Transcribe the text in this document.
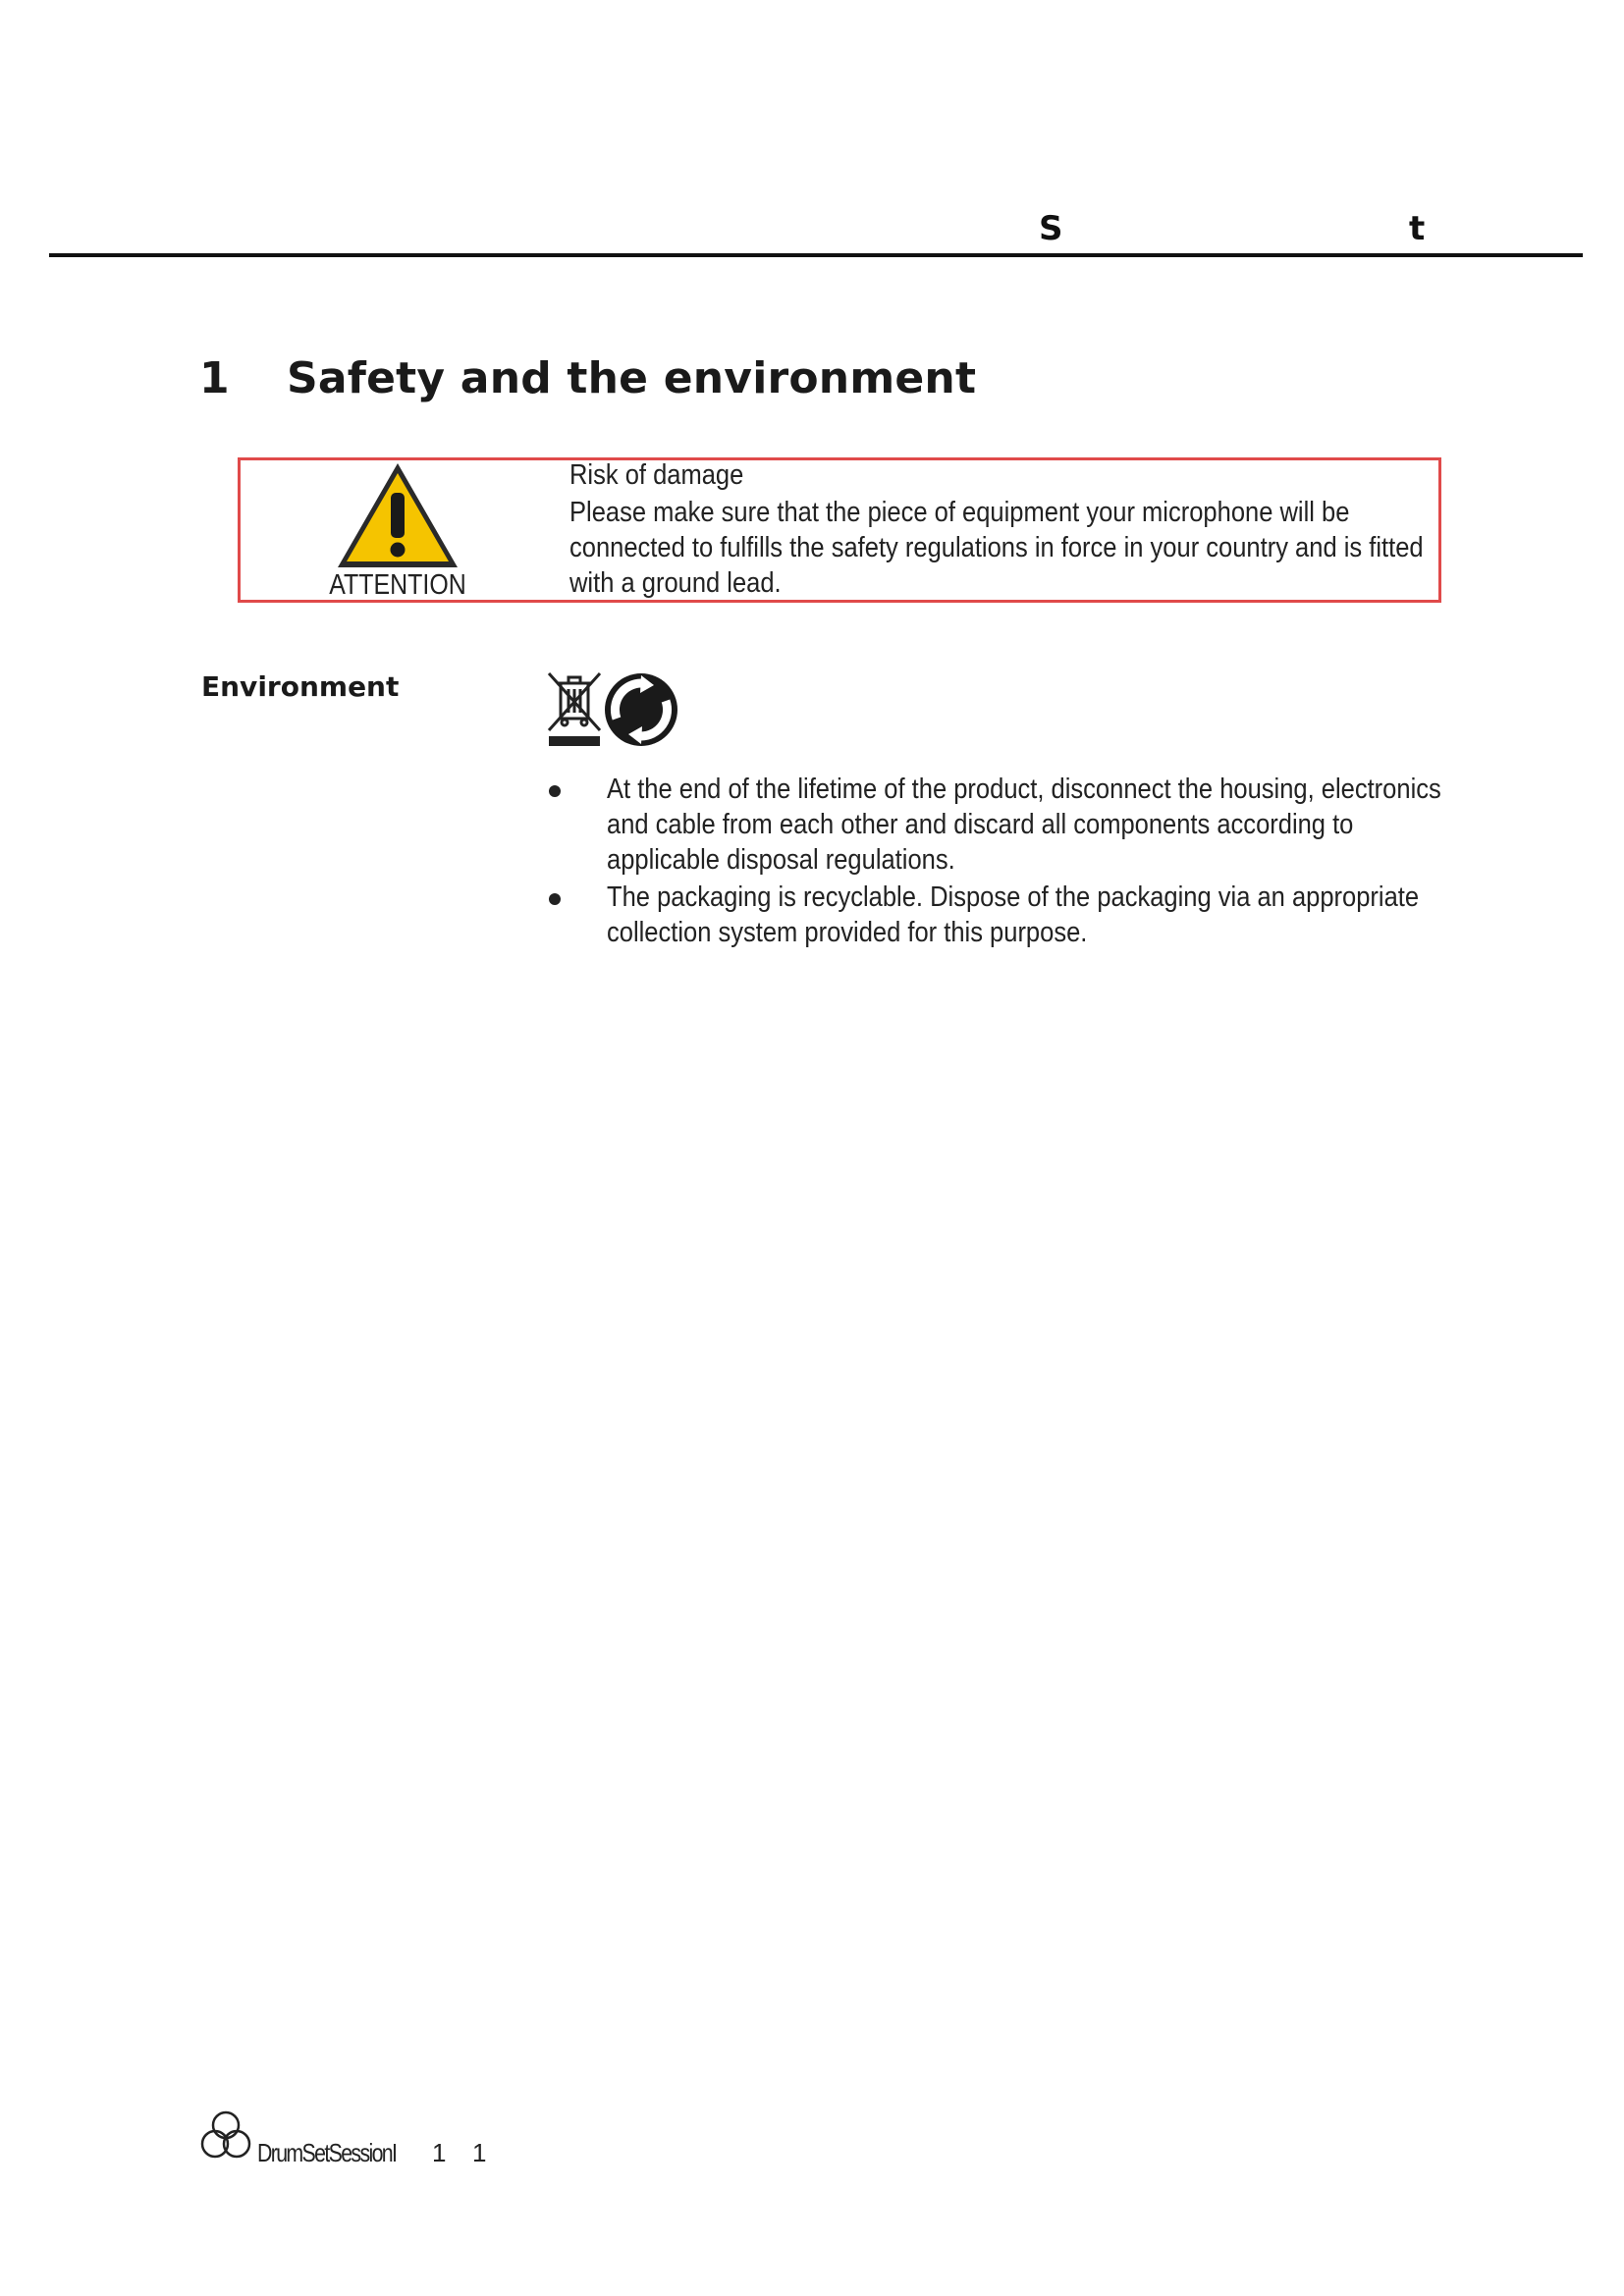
S	t
1 Safety and the environment
ATTENTION
Risk of damage
Please make sure that the piece of equipment your microphone will be
connected to fulfills the safety regulations in force in your country and is fitted
with a ground lead.
Environment
At the end of the lifetime of the product, disconnect the housing, electronics
and cable from each other and discard all components according to
applicable disposal regulations.
The packaging is recyclable. Dispose of the packaging via an appropriate
collection system provided for this purpose.
DrumSetSessionI 1 1
